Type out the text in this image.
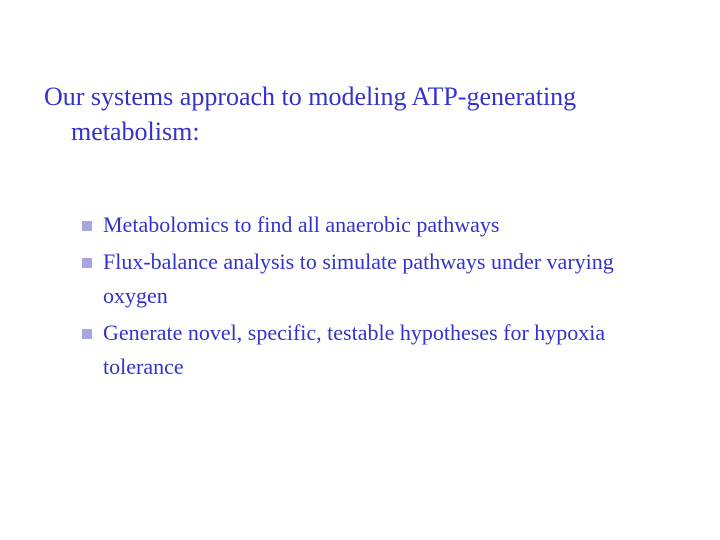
Our systems approach to modeling ATP-generating metabolism:
Metabolomics to find all anaerobic pathways
Flux-balance analysis to simulate pathways under varying oxygen
Generate novel, specific, testable hypotheses for hypoxia tolerance
